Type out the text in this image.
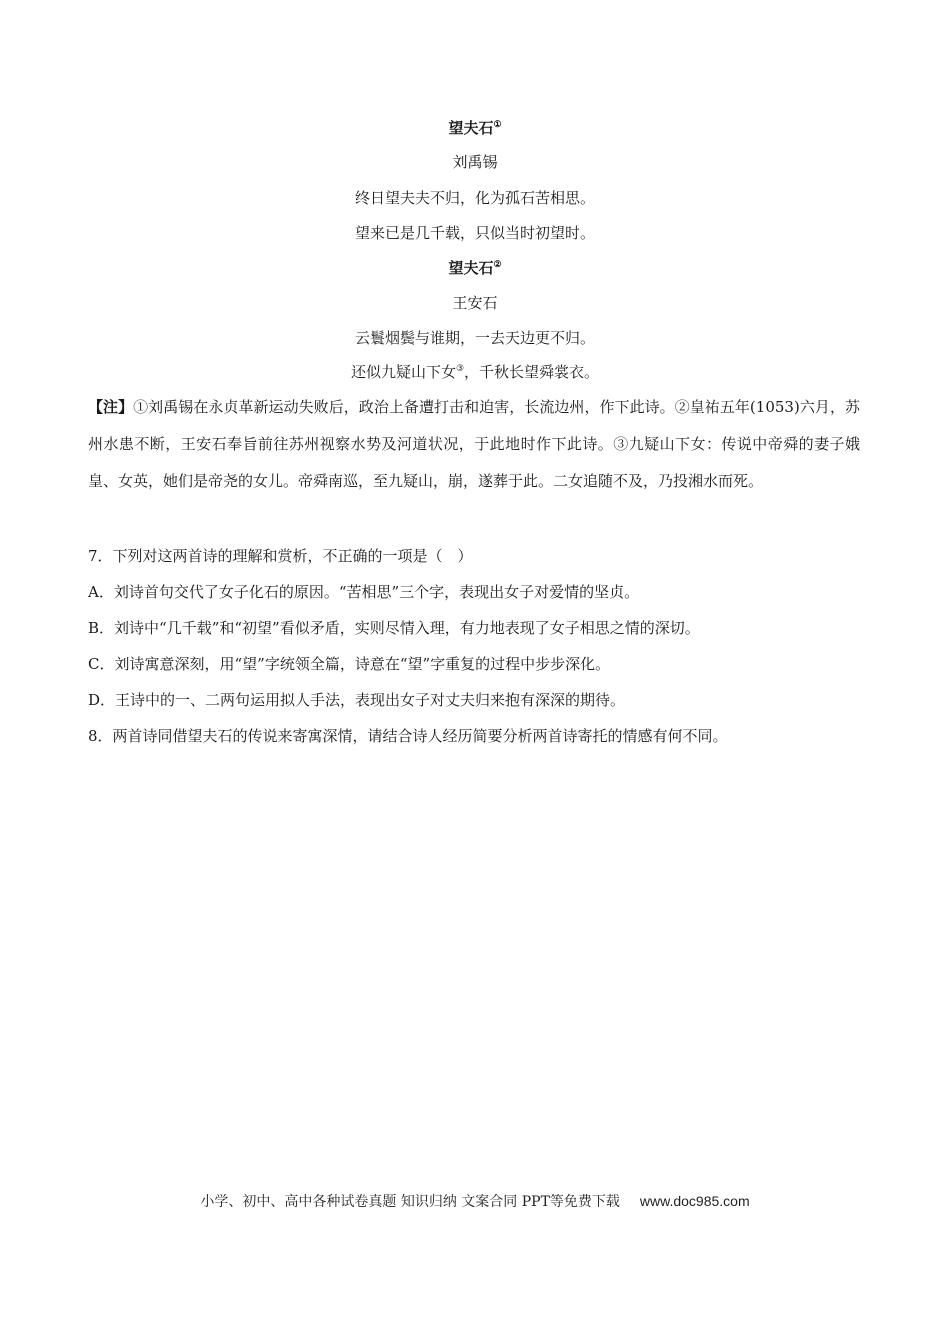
望夫石①
刘禹锡
终日望夫夫不归，化为孤石苦相思。
望来已是几千载，只似当时初望时。
望夫石②
王安石
云鬟烟鬓与谁期，一去天边更不归。
还似九疑山下女③，千秋长望舜裳衣。
【注】①刘禹锡在永贞革新运动失败后，政治上备遭打击和迫害，长流边州，作下此诗。②皇祐五年(1053)六月，苏州水患不断，王安石奉旨前往苏州视察水势及河道状况，于此地时作下此诗。③九疑山下女：传说中帝舜的妻子娥皇、女英，她们是帝尧的女儿。帝舜南巡，至九疑山，崩，遂葬于此。二女追随不及，乃投湘水而死。
7．下列对这两首诗的理解和赏析，不正确的一项是（　）
A．刘诗首句交代了女子化石的原因。“苦相思”三个字，表现出女子对爱情的坚贞。
B．刘诗中“几千载”和“初望”看似矛盾，实则尽情入理，有力地表现了女子相思之情的深切。
C．刘诗寓意深刻，用“望”字统领全篇，诗意在“望”字重复的过程中步步深化。
D．王诗中的一、二两句运用拟人手法，表现出女子对丈夫归来抱有深深的期待。
8．两首诗同借望夫石的传说来寄寓深情，请结合诗人经历简要分析两首诗寄托的情感有何不同。
小学、初中、高中各种试卷真题 知识归纳 文案合同 PPT等免费下载 www.doc985.com
